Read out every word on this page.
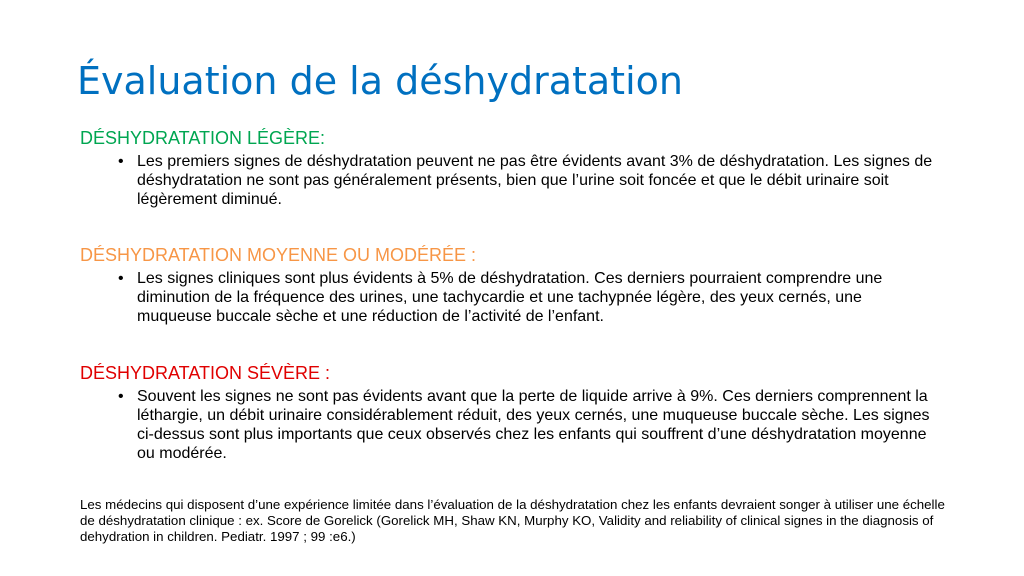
Évaluation de la déshydratation
DÉSHYDRATATION LÉGÈRE:
• Les premiers signes de déshydratation peuvent ne pas être évidents avant 3% de déshydratation. Les signes de déshydratation ne sont pas généralement présents, bien que l’urine soit foncée et que le débit urinaire soit légèrement diminué.
DÉSHYDRATATION MOYENNE OU MODÉRÉE :
• Les signes cliniques sont plus évidents à 5% de déshydratation. Ces derniers pourraient comprendre une diminution de la fréquence des urines, une tachycardie et une tachypnée légère, des yeux cernés, une muqueuse buccale sèche et une réduction de l’activité de l’enfant.
DÉSHYDRATATION SÉVÈRE :
• Souvent les signes ne sont pas évidents avant que la perte de liquide arrive à 9%. Ces derniers comprennent la léthargie, un débit urinaire considérablement réduit, des yeux cernés, une muqueuse buccale sèche. Les signes ci-dessus sont plus importants que ceux observés chez les enfants qui souffrent d’une déshydratation moyenne ou modérée.
Les médecins qui disposent d’une expérience limitée dans l’évaluation de la déshydratation chez les enfants devraient songer à utiliser une échelle de déshydratation clinique : ex. Score de Gorelick (Gorelick MH, Shaw KN, Murphy KO, Validity and reliability of clinical signes in the diagnosis of dehydration in children. Pediatr. 1997 ; 99 :e6.)
